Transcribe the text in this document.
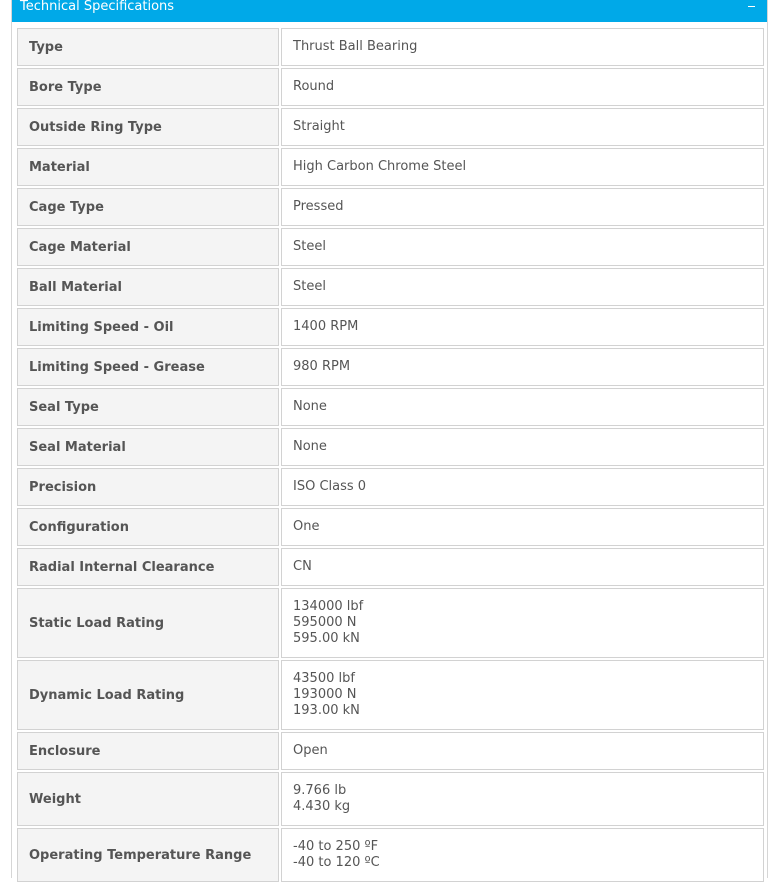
Technical Specifications
Type	Thrust Ball Bearing

Bore Type	Round

Outside Ring Type	Straight

Material	High Carbon Chrome Steel

Cage Type	Pressed

Cage Material	Steel

Ball Material	Steel

Limiting Speed - Oil	1400 RPM

Limiting Speed - Grease	980 RPM

Seal Type	None

Seal Material	None

Precision	ISO Class 0

Configuration	One

Radial Internal Clearance	CN

Static Load Rating	134000 lbf
595000 N
595.00 kN

Dynamic Load Rating	43500 lbf
193000 N
193.00 kN

Enclosure	Open

Weight	9.766 lb
4.430 kg

Operating Temperature Range	-40 to 250 ºF
-40 to 120 ºC
